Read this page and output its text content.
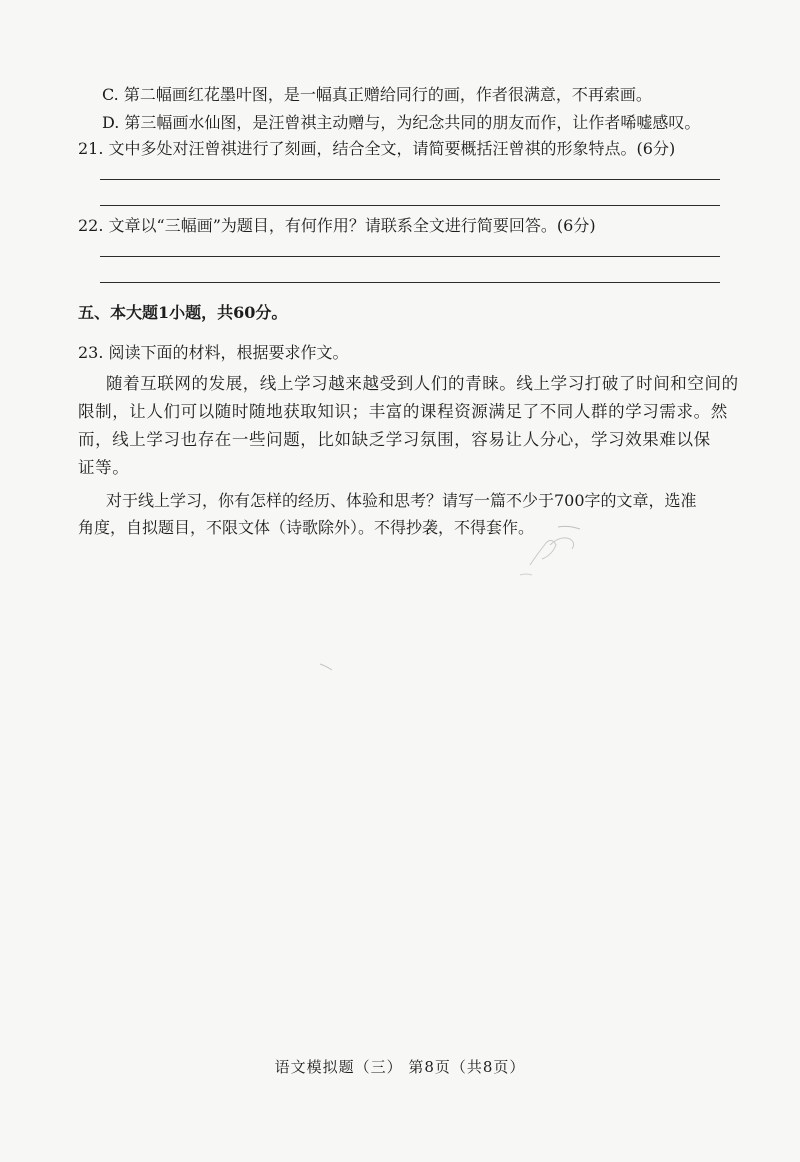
C. 第二幅画红花墨叶图，是一幅真正赠给同行的画，作者很满意，不再索画。
D. 第三幅画水仙图，是汪曾祺主动赠与，为纪念共同的朋友而作，让作者唏嘘感叹。
21. 文中多处对汪曾祺进行了刻画，结合全文，请简要概括汪曾祺的形象特点。(6分)
22. 文章以“三幅画”为题目，有何作用？请联系全文进行简要回答。(6分)
五、本大题1小题，共60分。
23. 阅读下面的材料，根据要求作文。
随着互联网的发展，线上学习越来越受到人们的青睐。线上学习打破了时间和空间的
限制，让人们可以随时随地获取知识；丰富的课程资源满足了不同人群的学习需求。然
而，线上学习也存在一些问题，比如缺乏学习氛围，容易让人分心，学习效果难以保
证等。
对于线上学习，你有怎样的经历、体验和思考？请写一篇不少于700字的文章，选准
角度，自拟题目，不限文体（诗歌除外）。不得抄袭，不得套作。
语文模拟题（三） 第8页（共8页）
